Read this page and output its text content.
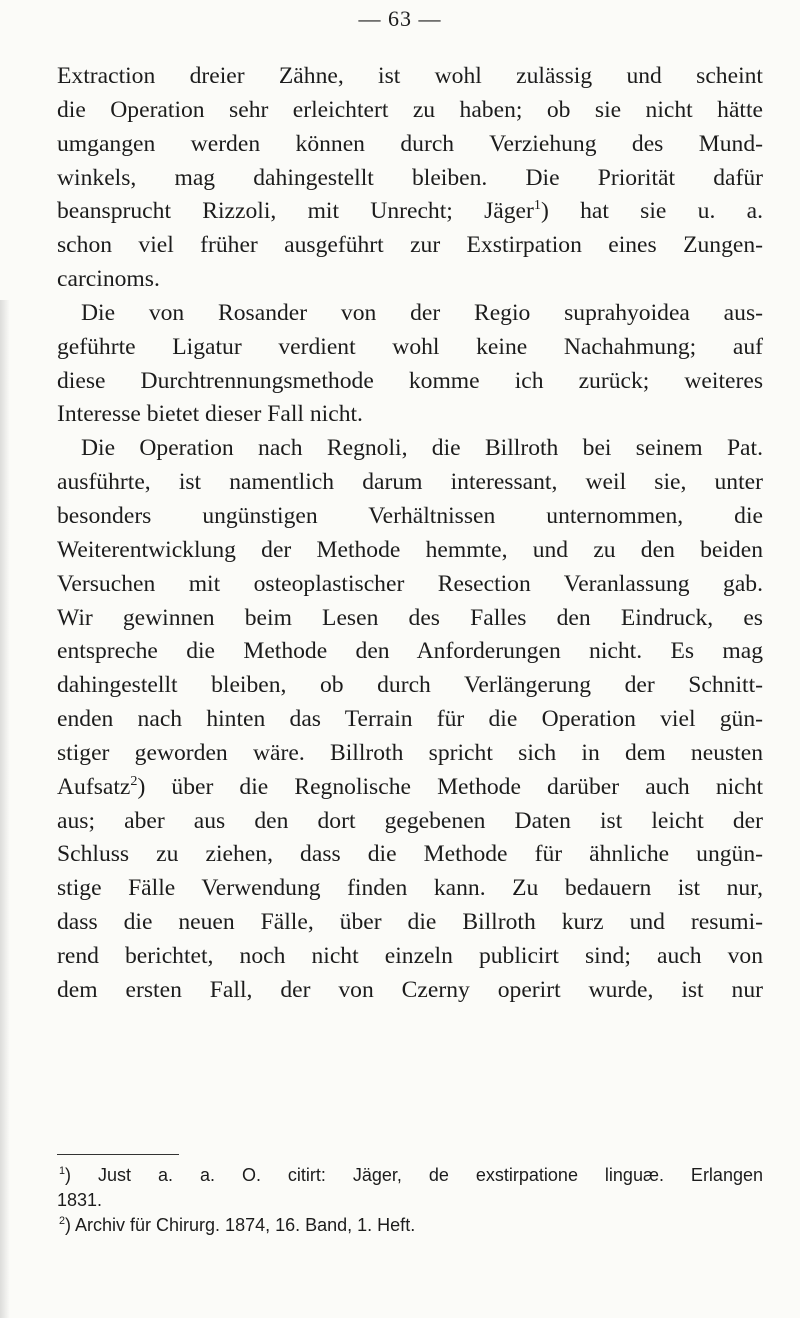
— 63 —
Extraction dreier Zähne, ist wohl zulässig und scheint
die Operation sehr erleichtert zu haben; ob sie nicht hätte
umgangen werden können durch Verziehung des Mund-
winkels, mag dahingestellt bleiben. Die Priorität dafür
beansprucht Rizzoli, mit Unrecht; Jäger$^1$) hat sie u. a.
schon viel früher ausgeführt zur Exstirpation eines Zungen-
carcinoms.
Die von Rosander von der Regio suprahyoidea aus-
geführte Ligatur verdient wohl keine Nachahmung; auf
diese Durchtrennungsmethode komme ich zurück; weiteres
Interesse bietet dieser Fall nicht.
Die Operation nach Regnoli, die Billroth bei seinem Pat.
ausführte, ist namentlich darum interessant, weil sie, unter
besonders ungünstigen Verhältnissen unternommen, die
Weiterentwicklung der Methode hemmte, und zu den beiden
Versuchen mit osteoplastischer Resection Veranlassung gab.
Wir gewinnen beim Lesen des Falles den Eindruck, es
entspreche die Methode den Anforderungen nicht. Es mag
dahingestellt bleiben, ob durch Verlängerung der Schnitt-
enden nach hinten das Terrain für die Operation viel gün-
stiger geworden wäre. Billroth spricht sich in dem neusten
Aufsatz$^2$) über die Regnolische Methode darüber auch nicht
aus; aber aus den dort gegebenen Daten ist leicht der
Schluss zu ziehen, dass die Methode für ähnliche ungün-
stige Fälle Verwendung finden kann. Zu bedauern ist nur,
dass die neuen Fälle, über die Billroth kurz und resumi-
rend berichtet, noch nicht einzeln publicirt sind; auch von
dem ersten Fall, der von Czerny operirt wurde, ist nur
$^1$) Just a. a. O. citirt: Jäger, de exstirpatione linguæ. Erlangen
1831.
$^2$) Archiv für Chirurg. 1874, 16. Band, 1. Heft.
